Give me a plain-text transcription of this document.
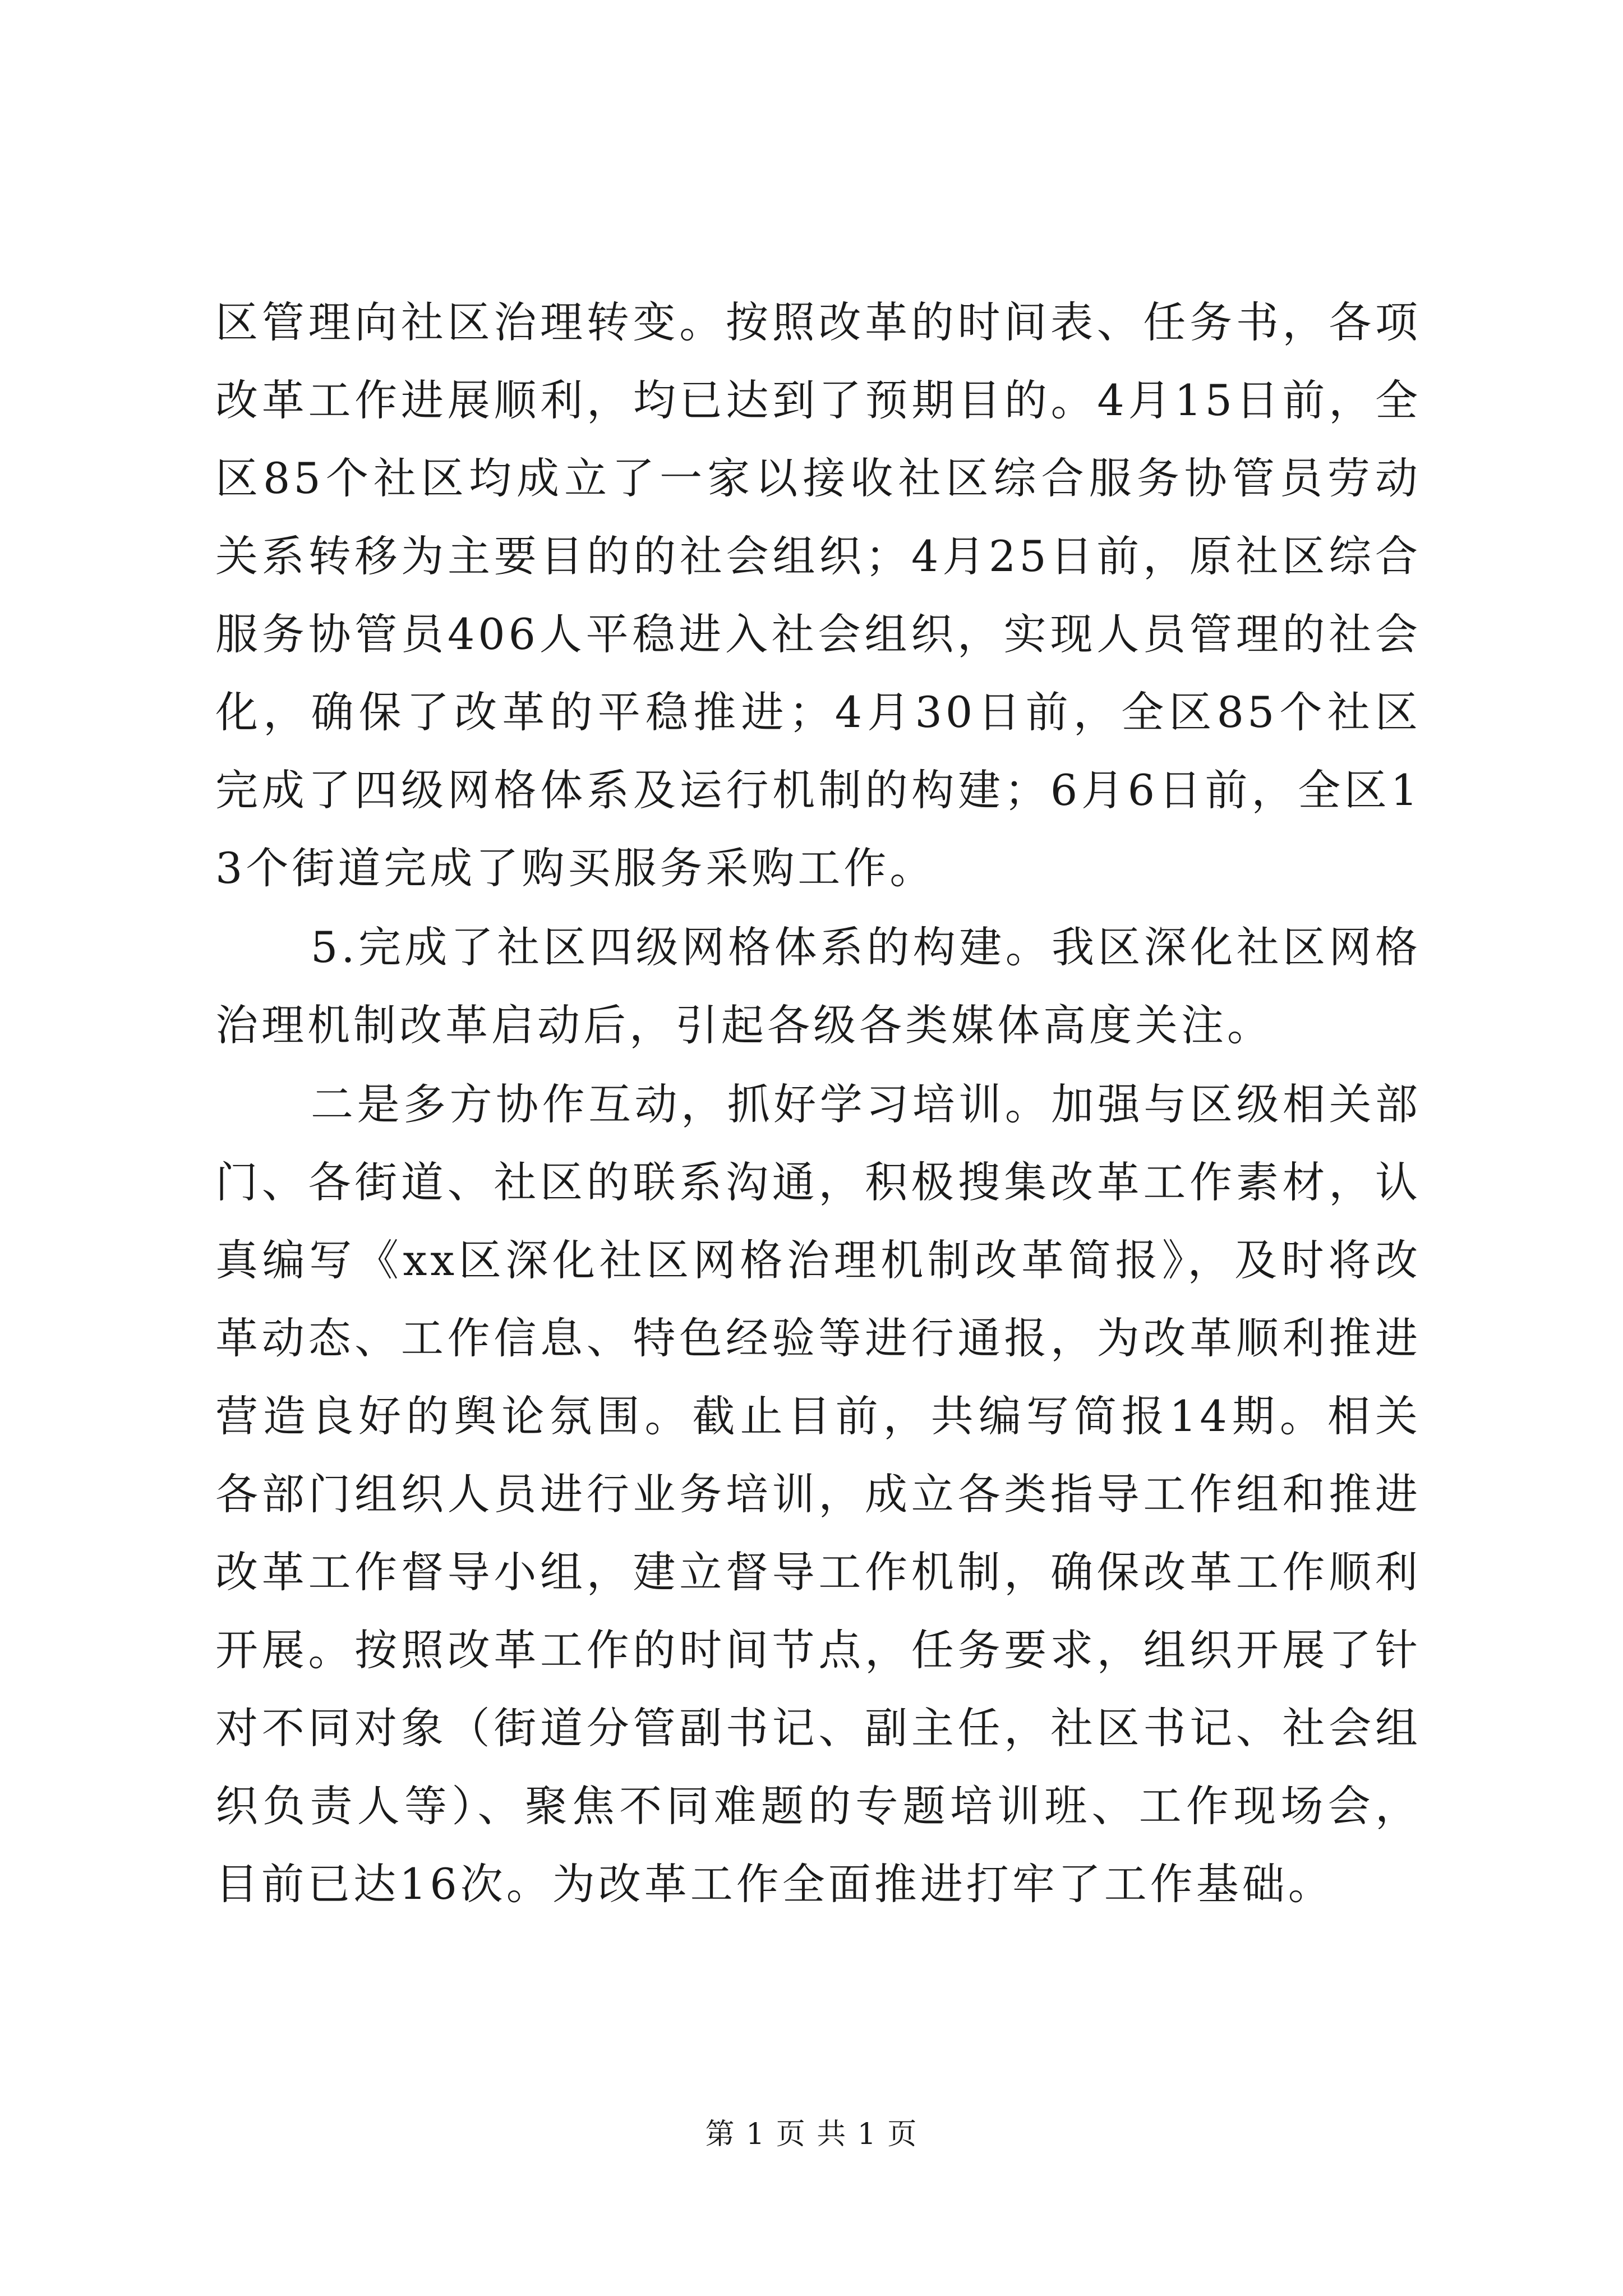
区管理向社区治理转变。按照改革的时间表、任务书，各项改革工作进展顺利，均已达到了预期目的。4月15日前，全区85个社区均成立了一家以接收社区综合服务协管员劳动关系转移为主要目的的社会组织；4月25日前，原社区综合服务协管员406人平稳进入社会组织，实现人员管理的社会化，确保了改革的平稳推进；4月30日前，全区85个社区完成了四级网格体系及运行机制的构建；6月6日前，全区13个街道完成了购买服务采购工作。

5.完成了社区四级网格体系的构建。我区深化社区网格治理机制改革启动后，引起各级各类媒体高度关注。

二是多方协作互动，抓好学习培训。加强与区级相关部门、各街道、社区的联系沟通，积极搜集改革工作素材，认真编写《xx区深化社区网格治理机制改革简报》，及时将改革动态、工作信息、特色经验等进行通报，为改革顺利推进营造良好的舆论氛围。截止目前，共编写简报14期。相关各部门组织人员进行业务培训，成立各类指导工作组和推进改革工作督导小组，建立督导工作机制，确保改革工作顺利开展。按照改革工作的时间节点，任务要求，组织开展了针对不同对象（街道分管副书记、副主任，社区书记、社会组织负责人等）、聚焦不同难题的专题培训班、工作现场会，目前已达16次。为改革工作全面推进打牢了工作基础。

第 1 页 共 1 页
